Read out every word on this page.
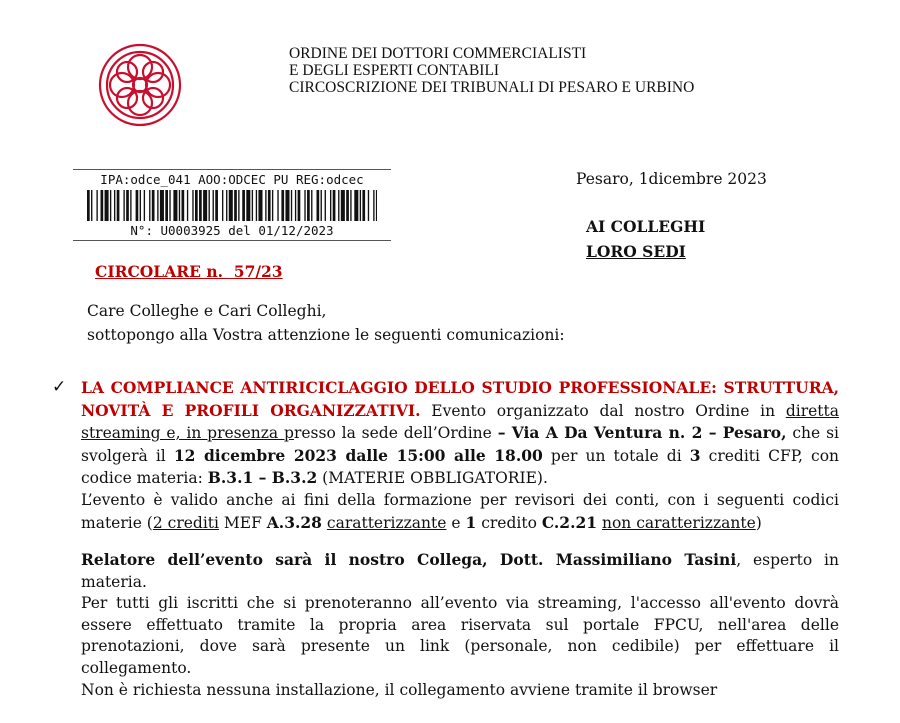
ORDINE DEI DOTTORI COMMERCIALISTI
E DEGLI ESPERTI CONTABILI
CIRCOSCRIZIONE DEI TRIBUNALI DI PESARO E URBINO
IPA:odce_041 AOO:ODCEC PU REG:odcec
N°: U0003925 del 01/12/2023
Pesaro, 1dicembre 2023
AI COLLEGHI
LORO SEDI
CIRCOLARE n.  57/23
Care Colleghe e Cari Colleghi,
sottopongo alla Vostra attenzione le seguenti comunicazioni:
✓ LA COMPLIANCE ANTIRICICLAGGIO DELLO STUDIO PROFESSIONALE: STRUTTURA, NOVITÀ E PROFILI ORGANIZZATIVI. Evento organizzato dal nostro Ordine in diretta streaming e, in presenza presso la sede dell’Ordine – Via A Da Ventura n. 2 – Pesaro, che si svolgerà il 12 dicembre 2023 dalle 15:00 alle 18.00 per un totale di 3 crediti CFP, con codice materia: B.3.1 – B.3.2 (MATERIE OBBLIGATORIE).
L’evento è valido anche ai fini della formazione per revisori dei conti, con i seguenti codici materie (2 crediti MEF A.3.28 caratterizzante e 1 credito C.2.21 non caratterizzante)
Relatore dell’evento sarà il nostro Collega, Dott. Massimiliano Tasini, esperto in materia.
Per tutti gli iscritti che si prenoteranno all’evento via streaming, l'accesso all'evento dovrà essere effettuato tramite la propria area riservata sul portale FPCU, nell'area delle prenotazioni, dove sarà presente un link (personale, non cedibile) per effettuare il collegamento.
Non è richiesta nessuna installazione, il collegamento avviene tramite il browser
